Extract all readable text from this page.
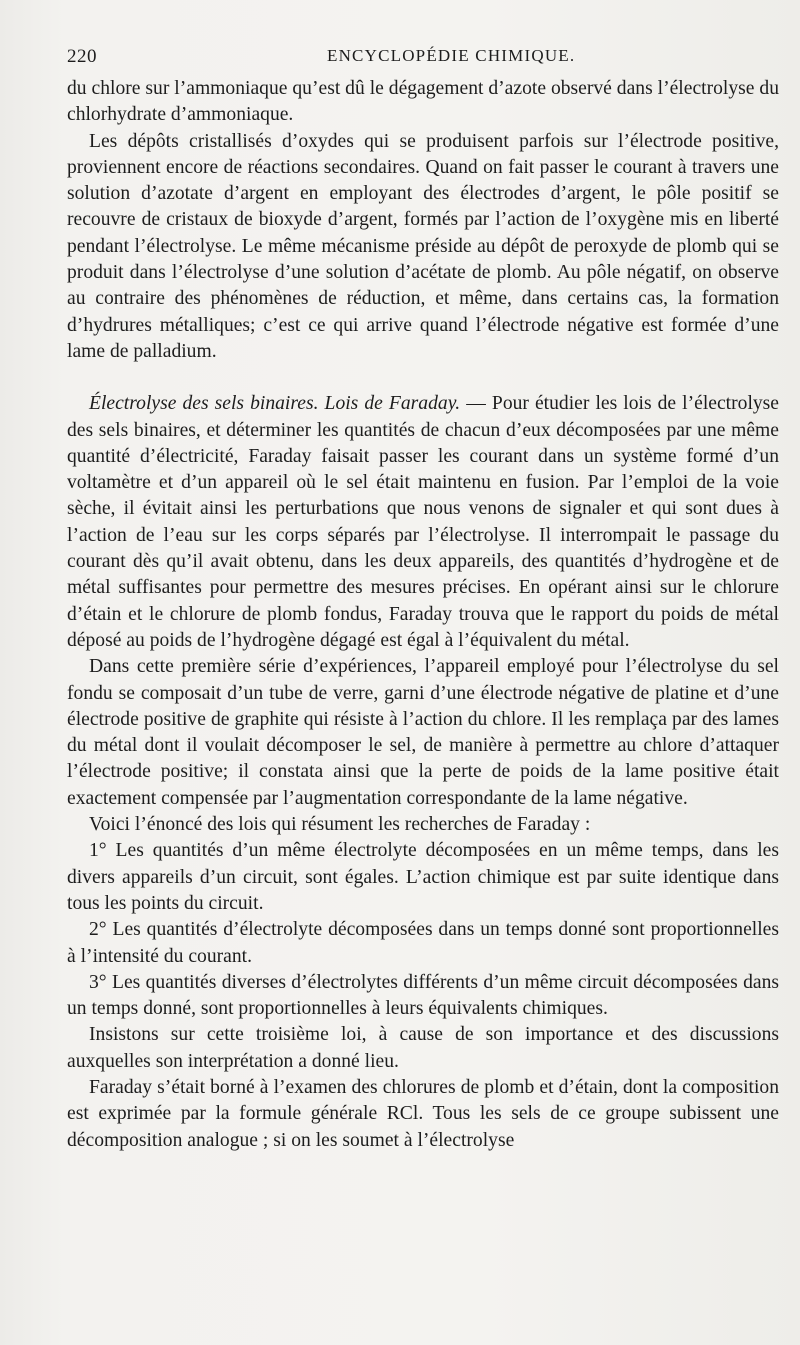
220	ENCYCLOPÉDIE CHIMIQUE.

du chlore sur l’ammoniaque qu’est dû le dégagement d’azote observé dans l’électrolyse du chlorhydrate d’ammoniaque.

Les dépôts cristallisés d’oxydes qui se produisent parfois sur l’électrode positive, proviennent encore de réactions secondaires. Quand on fait passer le courant à travers une solution d’azotate d’argent en employant des électrodes d’argent, le pôle positif se recouvre de cristaux de bioxyde d’argent, formés par l’action de l’oxygène mis en liberté pendant l’électrolyse. Le même mécanisme préside au dépôt de peroxyde de plomb qui se produit dans l’électrolyse d’une solution d’acétate de plomb. Au pôle négatif, on observe au contraire des phénomènes de réduction, et même, dans certains cas, la formation d’hydrures métalliques; c’est ce qui arrive quand l’électrode négative est formée d’une lame de palladium.

Électrolyse des sels binaires. Lois de Faraday. — Pour étudier les lois de l’électrolyse des sels binaires, et déterminer les quantités de chacun d’eux décomposées par une même quantité d’électricité, Faraday faisait passer les courant dans un système formé d’un voltamètre et d’un appareil où le sel était maintenu en fusion. Par l’emploi de la voie sèche, il évitait ainsi les perturbations que nous venons de signaler et qui sont dues à l’action de l’eau sur les corps séparés par l’électrolyse. Il interrompait le passage du courant dès qu’il avait obtenu, dans les deux appareils, des quantités d’hydrogène et de métal suffisantes pour permettre des mesures précises. En opérant ainsi sur le chlorure d’étain et le chlorure de plomb fondus, Faraday trouva que le rapport du poids de métal déposé au poids de l’hydrogène dégagé est égal à l’équivalent du métal.

Dans cette première série d’expériences, l’appareil employé pour l’électrolyse du sel fondu se composait d’un tube de verre, garni d’une électrode négative de platine et d’une électrode positive de graphite qui résiste à l’action du chlore. Il les remplaça par des lames du métal dont il voulait décomposer le sel, de manière à permettre au chlore d’attaquer l’électrode positive; il constata ainsi que la perte de poids de la lame positive était exactement compensée par l’augmentation correspondante de la lame négative.

Voici l’énoncé des lois qui résument les recherches de Faraday :

1° Les quantités d’un même électrolyte décomposées en un même temps, dans les divers appareils d’un circuit, sont égales. L’action chimique est par suite identique dans tous les points du circuit.

2° Les quantités d’électrolyte décomposées dans un temps donné sont proportionnelles à l’intensité du courant.

3° Les quantités diverses d’électrolytes différents d’un même circuit décomposées dans un temps donné, sont proportionnelles à leurs équivalents chimiques.

Insistons sur cette troisième loi, à cause de son importance et des discussions auxquelles son interprétation a donné lieu.

Faraday s’était borné à l’examen des chlorures de plomb et d’étain, dont la composition est exprimée par la formule générale RCl. Tous les sels de ce groupe subissent une décomposition analogue ; si on les soumet à l’électrolyse
